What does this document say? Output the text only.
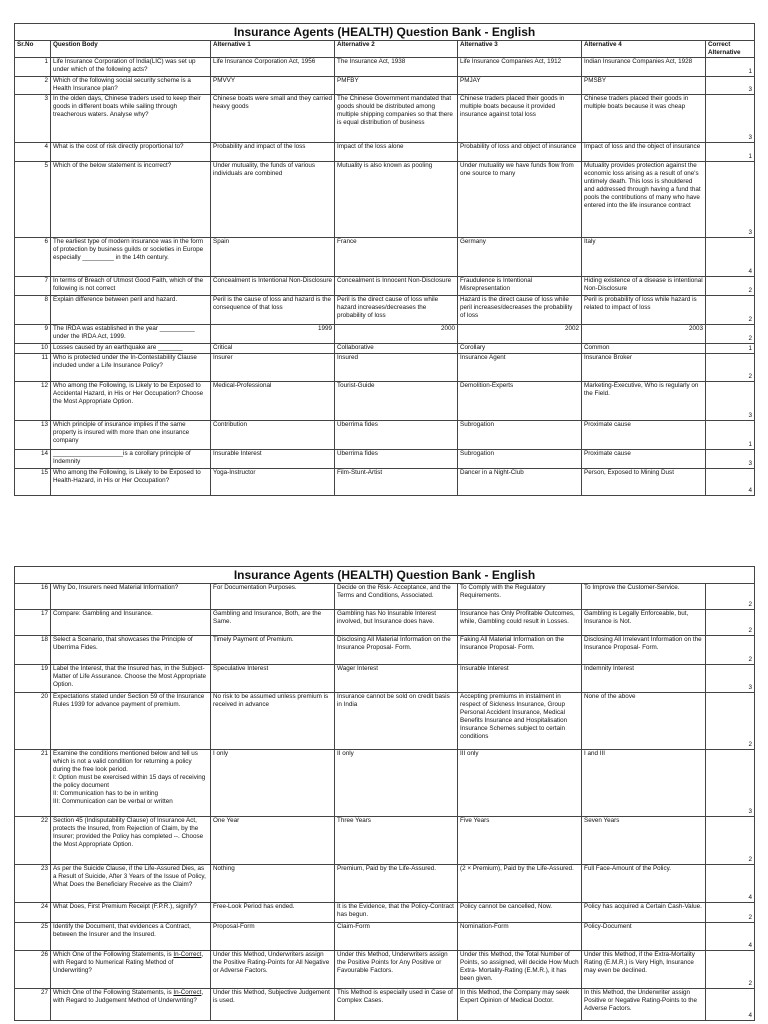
Insurance Agents (HEALTH) Question Bank - English						
Sr.No	Question Body	Alternative 1	Alternative 2	Alternative 3	Alternative 4	Correct Alternative
1	Life Insurance Corporation of India(LIC) was set up under which of the following acts?	Life Insurance Corporation Act, 1956	The Insurance Act, 1938	Life Insurance Companies Act, 1912	Indian Insurance Companies Act, 1928	1
2	Which of the following social security scheme is a Health Insurance plan?	PMVVY	PMFBY	PMJAY	PMSBY	3
3	In the olden days, Chinese traders used to keep their goods in different boats while sailing through treacherous waters. Analyse why?	Chinese boats were small and they carried heavy goods	The Chinese Government mandated that goods should be distributed among multiple shipping companies so that there is equal distribution of business	Chinese traders placed their goods in multiple boats because it provided insurance against total loss	Chinese traders placed their goods in multiple boats because it was cheap	3
4	What is the cost of risk directly proportional to?	Probability and impact of the loss	Impact of the loss alone	Probability of loss and object of insurance	Impact of loss and the object of insurance	1
5	Which of the below statement is incorrect?	Under mutuality, the funds of various individuals are combined	Mutuality is also known as pooling	Under mutuality we have funds flow from one source to many	Mutuality provides protection against the economic loss arising as a result of one's untimely death. This loss is shouldered and addressed through having a fund that pools the contributions of many who have entered into the life insurance contract	3
6	The earliest type of modern insurance was in the form of protection by business guilds or societies in Europe especially _________ in the 14th century.	Spain	France	Germany	Italy	4
7	In terms of Breach of Utmost Good Faith, which of the following is not correct	Concealment is Intentional Non-Disclosure	Concealment is Innocent Non-Disclosure	Fraudulence is Intentional Misrepresentation	Hiding existence of a disease is intentional Non-Disclosure	2
8	Explain difference between peril and hazard.	Peril is the cause of loss and hazard is the consequence of that loss	Peril is the direct cause of loss while hazard increases/decreases the probability of loss	Hazard is the direct cause of loss while peril increases/decreases the probability of loss	Peril is probability of loss while hazard is related to impact of loss	2
9	The IRDA was established in the year __________ under the IRDA Act, 1999.	1999	2000	2002	2003	2
10	Losses caused by an earthquake are _______	Critical	Collaborative	Corollary	Common	1
11	Who is protected under the In-Contestability Clause included under a Life Insurance Policy?	Insurer	Insured	Insurance Agent	Insurance Broker	2
12	Who among the Following, is Likely to be Exposed to Accidental Hazard, in His or Her Occupation? Choose the Most Appropriate Option.	Medical-Professional	Tourist-Guide	Demolition-Experts	Marketing-Executive, Who is regularly on the Field.	3
13	Which principle of insurance implies if the same property is insured with more than one insurance company	Contribution	Uberrima fides	Subrogation	Proximate cause	1
14	____________________is a corollary principle of Indemnity	Insurable Interest	Uberrima fides	Subrogation	Proximate cause	3
15	Who among the Following, is Likely to be Exposed to Health-Hazard, in His or Her Occupation?	Yoga-Instructor	Film-Stunt-Artist	Dancer in a Night-Club	Person, Exposed to Mining Dust	4
Insurance Agents (HEALTH) Question Bank - English						
16	Why Do, Insurers need Material Information?	For Documentation Purposes.	Decide on the Risk- Acceptance, and the Terms and Conditions, Associated.	To Comply with the Regulatory Requirements.	To Improve the Customer-Service.	2
17	Compare: Gambling and Insurance.	Gambling and Insurance, Both, are the Same.	Gambling has No Insurable Interest involved, but Insurance does have.	Insurance has Only Profitable Outcomes, while, Gambling could result in Losses.	Gambling is Legally Enforceable, but, Insurance is Not.	2
18	Select a Scenario, that showcases the Principle of Uberrima Fides.	Timely Payment of Premium.	Disclosing All Material Information on the Insurance Proposal- Form.	Faking All Material Information on the Insurance Proposal- Form.	Disclosing All Irrelevant Information on the Insurance Proposal- Form.	2
19	Label the Interest, that the Insured has, in the Subject-Matter of Life Assurance. Choose the Most Appropriate Option.	Speculative Interest	Wager Interest	Insurable Interest	Indemnity Interest	3
20	Expectations stated under Section 59 of the Insurance Rules 1939 for advance payment of premium.	No risk to be assumed unless premium is received in advance	Insurance cannot be sold on credit basis in India	Accepting premiums in instalment in respect of Sickness Insurance, Group Personal Accident Insurance, Medical Benefits Insurance and Hospitalisation Insurance Schemes subject to certain conditions	None of the above	2
21	Examine the conditions mentioned below and tell us which is not a valid condition for returning a policy during the free look period.
I: Option must be exercised within 15 days of receiving the policy document
II: Communication has to be in writing
III: Communication can be verbal or written	I only	II only	III only	I and III	3
22	Section 45 (Indisputability Clause) of Insurance Act, protects the Insured, from Rejection of Claim, by the Insurer; provided the Policy has completed --. Choose the Most Appropriate Option.	One Year	Three Years	Five Years	Seven Years	2
23	As per the Suicide Clause, if the Life-Assured Dies, as a Result of Suicide, After 3 Years of the Issue of Policy, What Does the Beneficiary Receive as the Claim?	Nothing	Premium, Paid by the Life-Assured.	(2 × Premium), Paid by the Life-Assured.	Full Face-Amount of the Policy.	4
24	What Does, First Premium Receipt (F.P.R.), signify?	Free-Look Period has ended.	It is the Evidence, that the Policy-Contract has begun.	Policy cannot be cancelled, Now.	Policy has acquired a Certain Cash-Value.	2
25	Identify the Document, that evidences a Contract, between the Insurer and the Insured.	Proposal-Form	Claim-Form	Nomination-Form	Policy-Document	4
26	Which One of the Following Statements, is In-Correct, with Regard to Numerical Rating Method of Underwriting?	Under this Method, Underwriters assign the Positive Rating-Points for All Negative or Adverse Factors.	Under this Method, Underwriters assign the Positive Points for Any Positive or Favourable Factors.	Under this Method, the Total Number of Points, so assigned, will decide How Much Extra- Mortality-Rating (E.M.R.), it has been given.	Under this Method, if the Extra-Mortality Rating (E.M.R.) is Very High, Insurance may even be declined.	2
27	Which One of the Following Statements, is In-Correct, with Regard to Judgement Method of Underwriting?	Under this Method, Subjective Judgement is used.	This Method is especially used in Case of Complex Cases.	In this Method, the Company may seek Expert Opinion of Medical Doctor.	In this Method, the Underwriter assign Positive or Negative Rating-Points to the Adverse Factors.	4
